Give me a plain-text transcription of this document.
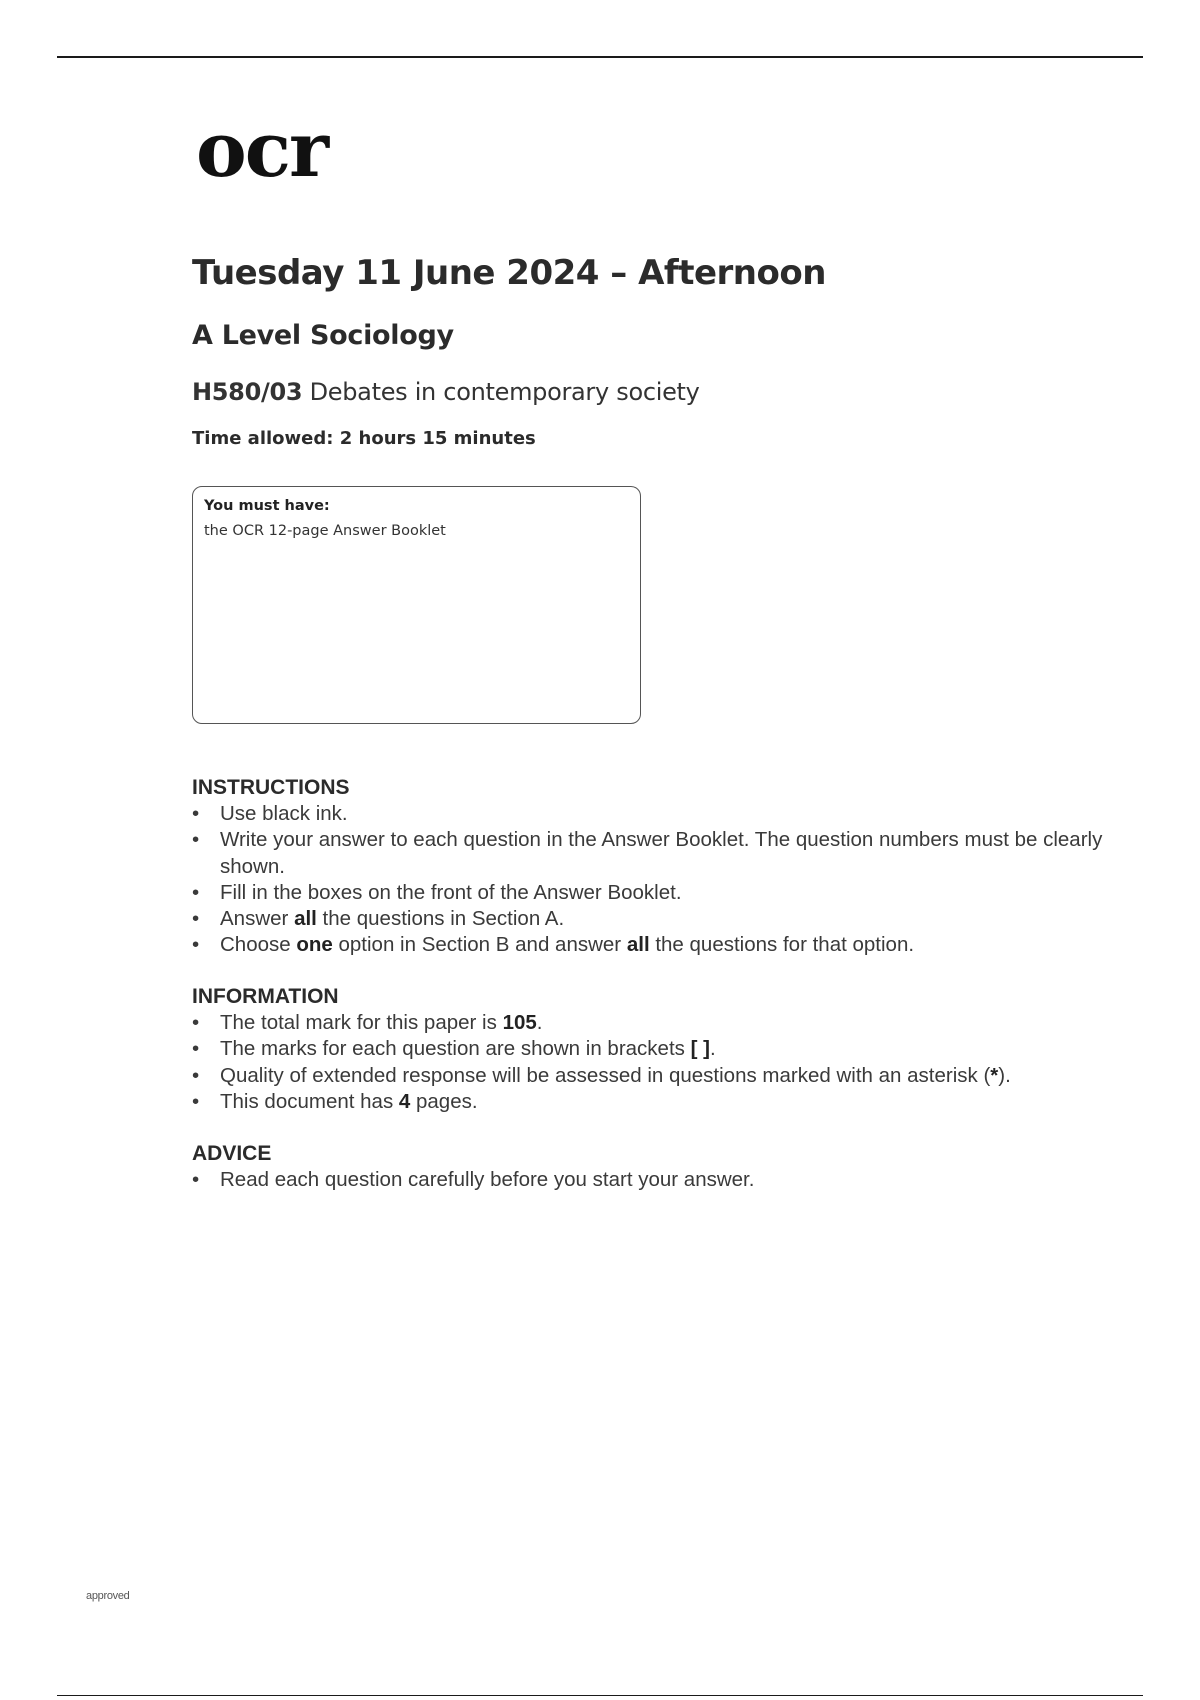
ocr
Tuesday 11 June 2024 – Afternoon
A Level Sociology
H580/03 Debates in contemporary society
Time allowed: 2 hours 15 minutes
You must have:
the OCR 12-page Answer Booklet
INSTRUCTIONS
• Use black ink.
• Write your answer to each question in the Answer Booklet. The question numbers must be clearly shown.
• Fill in the boxes on the front of the Answer Booklet.
• Answer all the questions in Section A.
• Choose one option in Section B and answer all the questions for that option.
INFORMATION
• The total mark for this paper is 105.
• The marks for each question are shown in brackets [ ].
• Quality of extended response will be assessed in questions marked with an asterisk (*).
• This document has 4 pages.
ADVICE
• Read each question carefully before you start your answer.
approved
